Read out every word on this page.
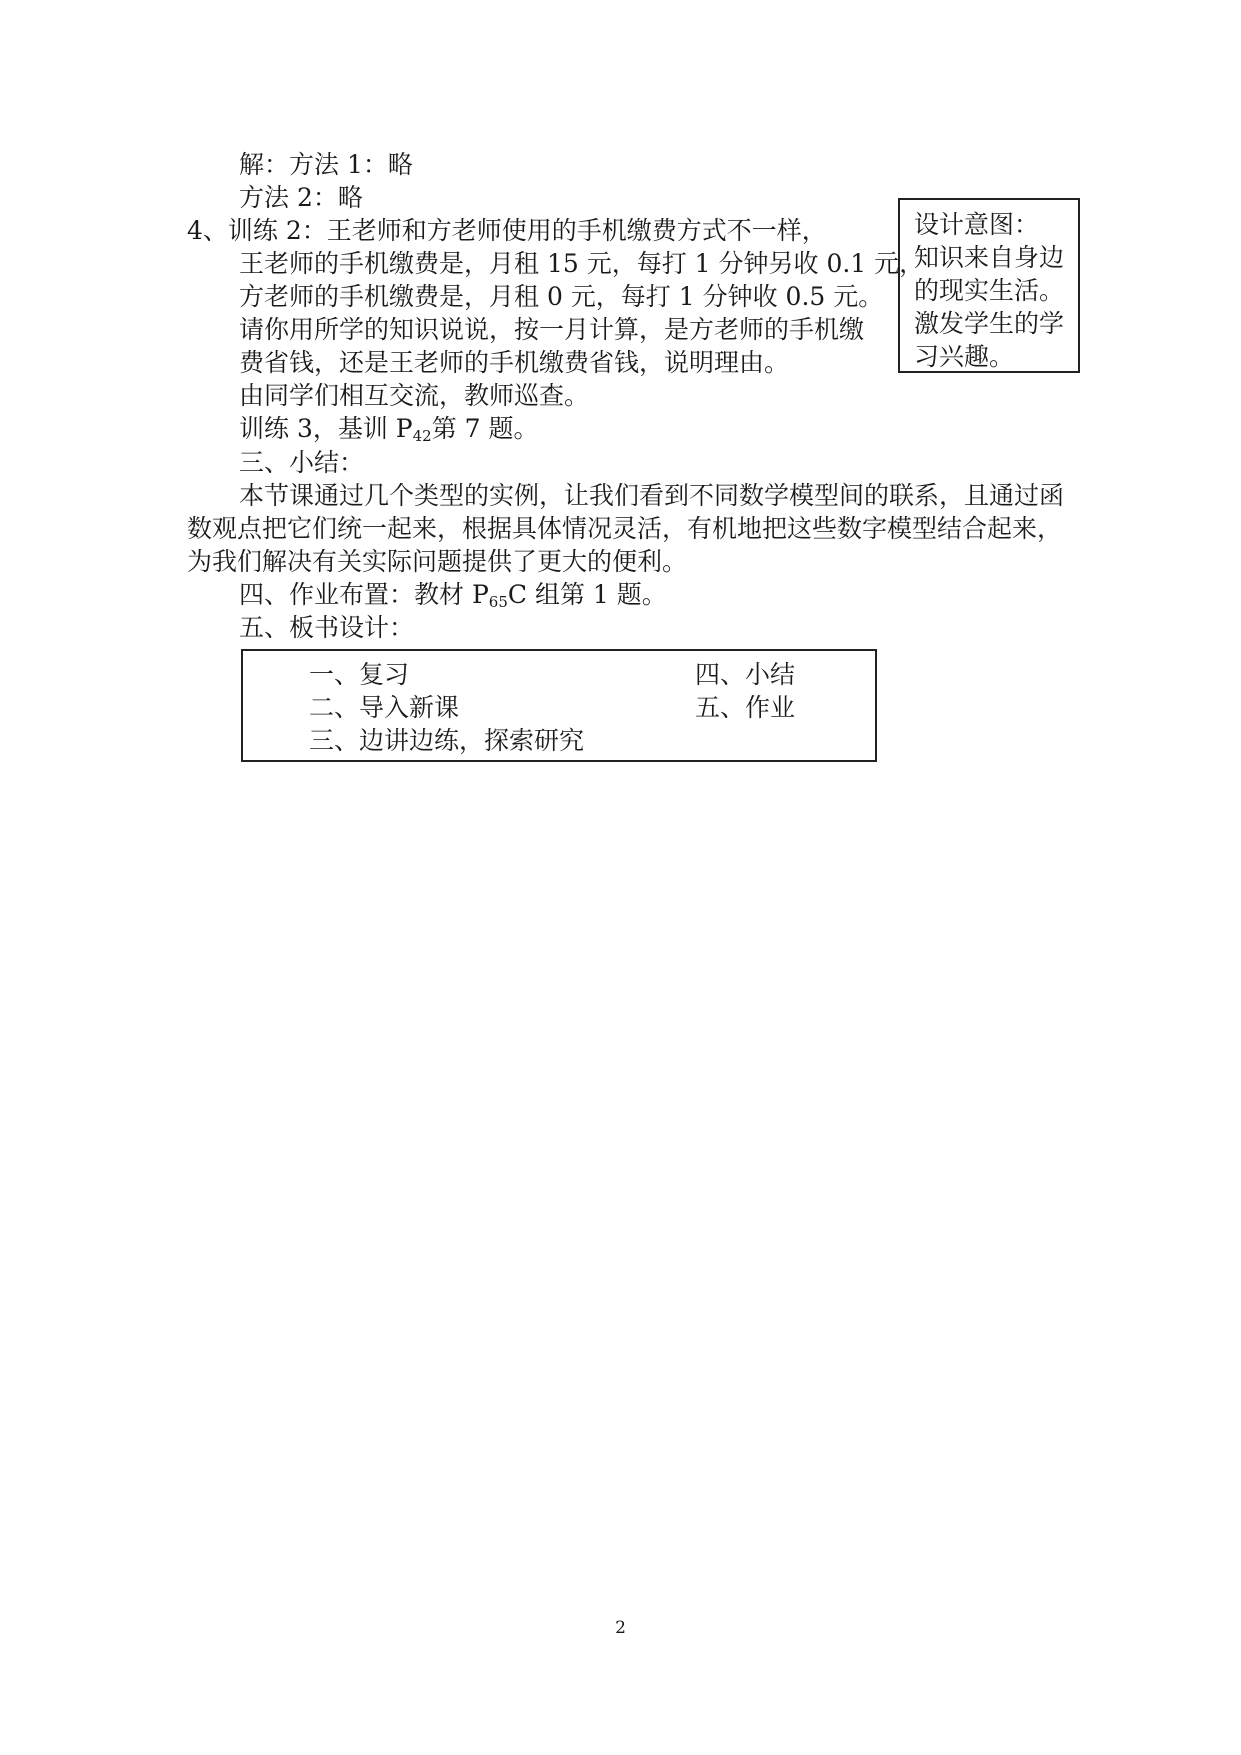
解：方法 1：略
方法 2：略
4、训练 2：王老师和方老师使用的手机缴费方式不一样，
王老师的手机缴费是，月租 15 元，每打 1 分钟另收 0.1 元，
方老师的手机缴费是，月租 0 元，每打 1 分钟收 0.5 元。
请你用所学的知识说说，按一月计算，是方老师的手机缴
费省钱，还是王老师的手机缴费省钱，说明理由。
由同学们相互交流，教师巡查。
训练 3，基训 $P_{42}$第 7 题。
三、小结：
本节课通过几个类型的实例，让我们看到不同数学模型间的联系，且通过函
数观点把它们统一起来，根据具体情况灵活，有机地把这些数字模型结合起来，
为我们解决有关实际问题提供了更大的便利。
四、作业布置：教材 $P_{65}C$ 组第 1 题。
五、板书设计：
设计意图：
知识来自身边
的现实生活。
激发学生的学
习兴趣。
一、复习
二、导入新课
三、边讲边练，探索研究
四、小结
五、作业
2
